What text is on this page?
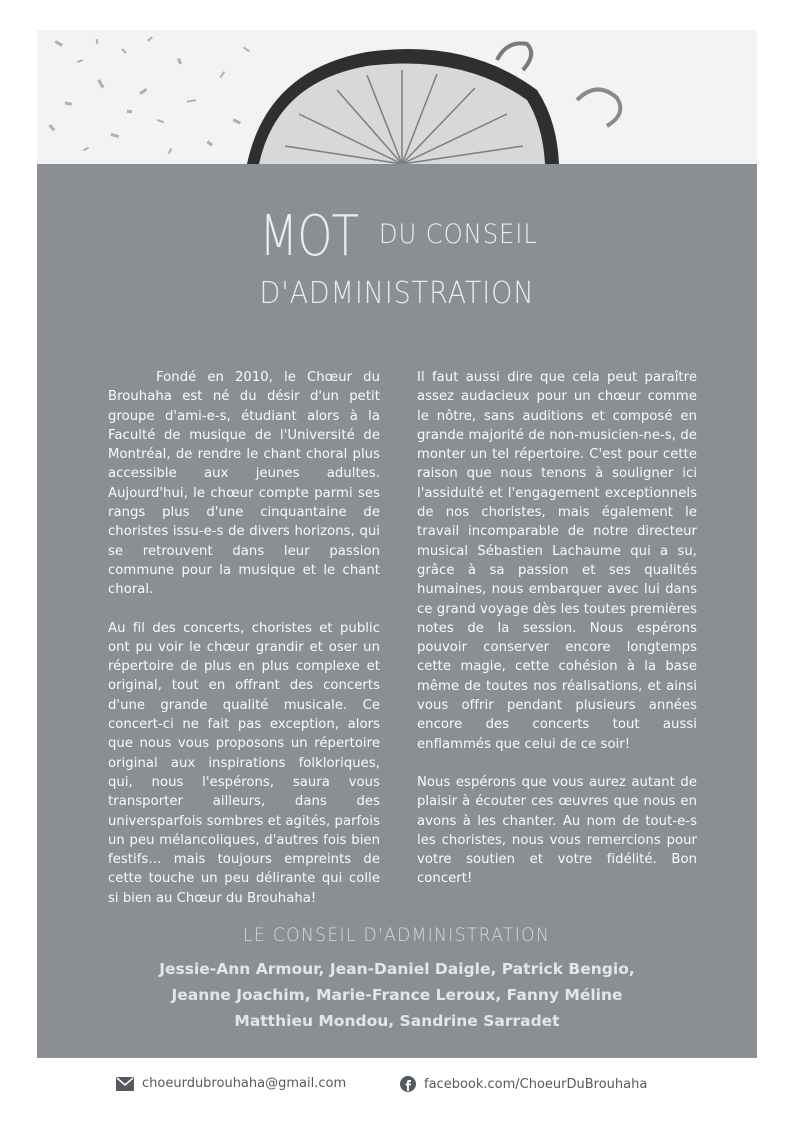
MOT DU CONSEIL
D'ADMINISTRATION

Fondé en 2010, le Chœur du Brouhaha est né du désir d'un petit groupe d'ami-e-s, étudiant alors à la Faculté de musique de l'Université de Montréal, de rendre le chant choral plus accessible aux jeunes adultes. Aujourd'hui, le chœur compte parmi ses rangs plus d'une cinquantaine de choristes issu-e-s de divers horizons, qui se retrouvent dans leur passion commune pour la musique et le chant choral.

Au fil des concerts, choristes et public ont pu voir le chœur grandir et oser un répertoire de plus en plus complexe et original, tout en offrant des concerts d'une grande qualité musicale. Ce concert-ci ne fait pas exception, alors que nous vous proposons un répertoire original aux inspirations folkloriques, qui, nous l'espérons, saura vous transporter ailleurs, dans des universparfois sombres et agités, parfois un peu mélancoliques, d'autres fois bien festifs… mais toujours empreints de cette touche un peu délirante qui colle si bien au Chœur du Brouhaha!

Il faut aussi dire que cela peut paraître assez audacieux pour un chœur comme le nôtre, sans auditions et composé en grande majorité de non-musicien-ne-s, de monter un tel répertoire. C'est pour cette raison que nous tenons à souligner ici l'assiduité et l'engagement exceptionnels de nos choristes, mais également le travail incomparable de notre directeur musical Sébastien Lachaume qui a su, grâce à sa passion et ses qualités humaines, nous embarquer avec lui dans ce grand voyage dès les toutes premières notes de la session. Nous espérons pouvoir conserver encore longtemps cette magie, cette cohésion à la base même de toutes nos réalisations, et ainsi vous offrir pendant plusieurs années encore des concerts tout aussi enflammés que celui de ce soir!

Nous espérons que vous aurez autant de plaisir à écouter ces œuvres que nous en avons à les chanter. Au nom de tout-e-s les choristes, nous vous remercions pour votre soutien et votre fidélité. Bon concert!

LE CONSEIL D'ADMINISTRATION
Jessie-Ann Armour, Jean-Daniel Daigle, Patrick Bengio,
Jeanne Joachim, Marie-France Leroux, Fanny Méline
Matthieu Mondou, Sandrine Sarradet
choeurdubrouhaha@gmail.com	facebook.com/ChoeurDuBrouhaha
